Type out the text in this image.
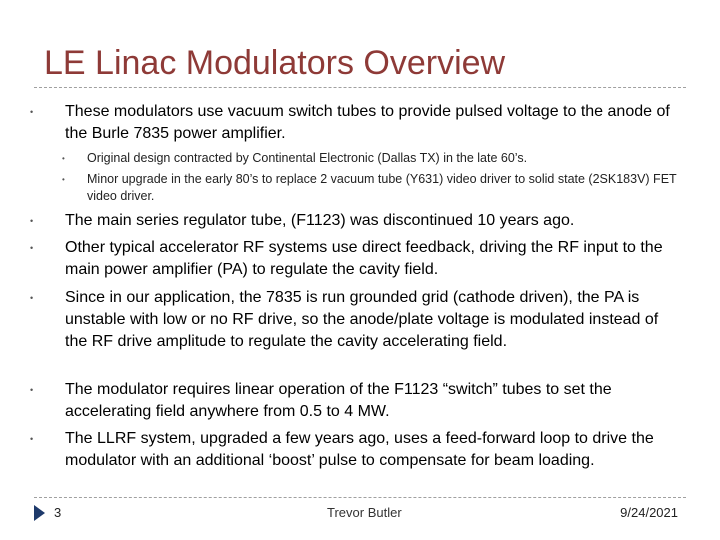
LE Linac Modulators Overview
• These modulators use vacuum switch tubes to provide pulsed voltage to the anode of the Burle 7835 power amplifier.
• Original design contracted by Continental Electronic (Dallas TX) in the late 60’s.
• Minor upgrade in the early 80’s to replace 2 vacuum tube (Y631) video driver to solid state (2SK183V) FET video driver.
• The main series regulator tube, (F1123) was discontinued 10 years ago.
• Other typical accelerator RF systems use direct feedback, driving the RF input to the main power amplifier (PA) to regulate the cavity field.
• Since in our application, the 7835 is run grounded grid (cathode driven), the PA is unstable with low or no RF drive, so the anode/plate voltage is modulated instead of the RF drive amplitude to regulate the cavity accelerating field.
• The modulator requires linear operation of the F1123 “switch” tubes to set the accelerating field anywhere from 0.5 to 4 MW.
• The LLRF system, upgraded a few years ago, uses a feed-forward loop to drive the modulator with an additional ‘boost’ pulse to compensate for beam loading.
3	Trevor Butler	9/24/2021
